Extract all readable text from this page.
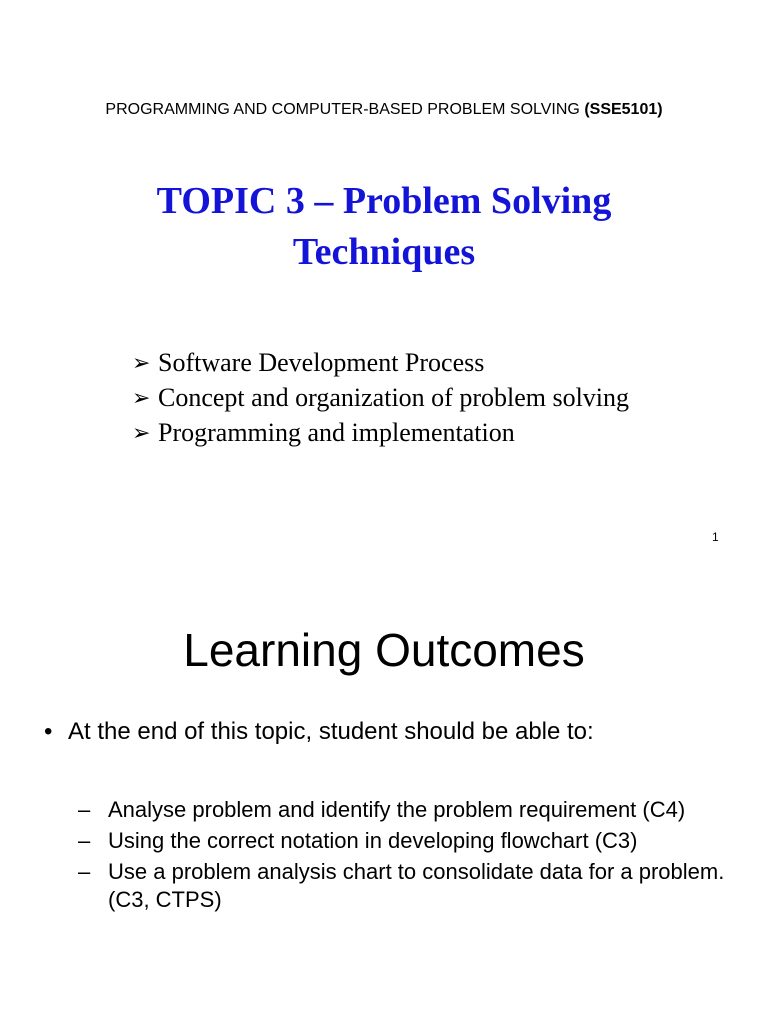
PROGRAMMING AND COMPUTER-BASED PROBLEM SOLVING (SSE5101)
TOPIC 3 – Problem Solving Techniques
➢ Software Development Process
➢ Concept and organization of problem solving
➢ Programming and implementation
1
Learning Outcomes
• At the end of this topic, student should be able to:
– Analyse problem and identify the problem requirement (C4)
– Using the correct notation in developing flowchart (C3)
– Use a problem analysis chart to consolidate data for a problem. (C3, CTPS)
